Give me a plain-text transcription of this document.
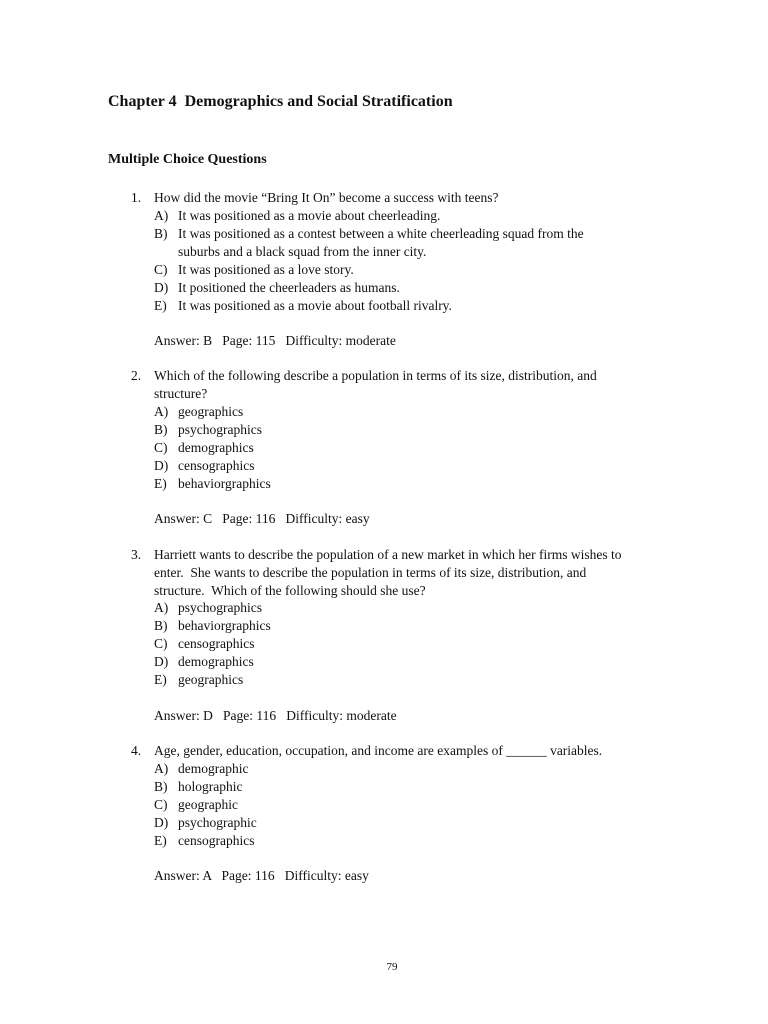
Chapter 4  Demographics and Social Stratification
Multiple Choice Questions
1. How did the movie “Bring It On” become a success with teens?

A)

It was positioned as a movie about cheerleading.

B)

It was positioned as a contest between a white cheerleading squad from the
suburbs and a black squad from the inner city.

C)

It was positioned as a love story.

D)

It positioned the cheerleaders as humans.

E)

It was positioned as a movie about football rivalry.

Answer: B   Page: 115   Difficulty: moderate
2. Which of the following describe a population in terms of its size, distribution, and
structure?

A)

geographics

B)

psychographics

C)

demographics

D)

censographics

E)

behaviorgraphics

Answer: C   Page: 116   Difficulty: easy
3. Harriett wants to describe the population of a new market in which her firms wishes to
enter.  She wants to describe the population in terms of its size, distribution, and
structure.  Which of the following should she use?

A)

psychographics

B)

behaviorgraphics

C)

censographics

D)

demographics

E)

geographics

Answer: D   Page: 116   Difficulty: moderate
4. Age, gender, education, occupation, and income are examples of ______ variables.

A)

demographic

B)

holographic

C)

geographic

D)

psychographic

E)

censographics

Answer: A   Page: 116   Difficulty: easy
79
